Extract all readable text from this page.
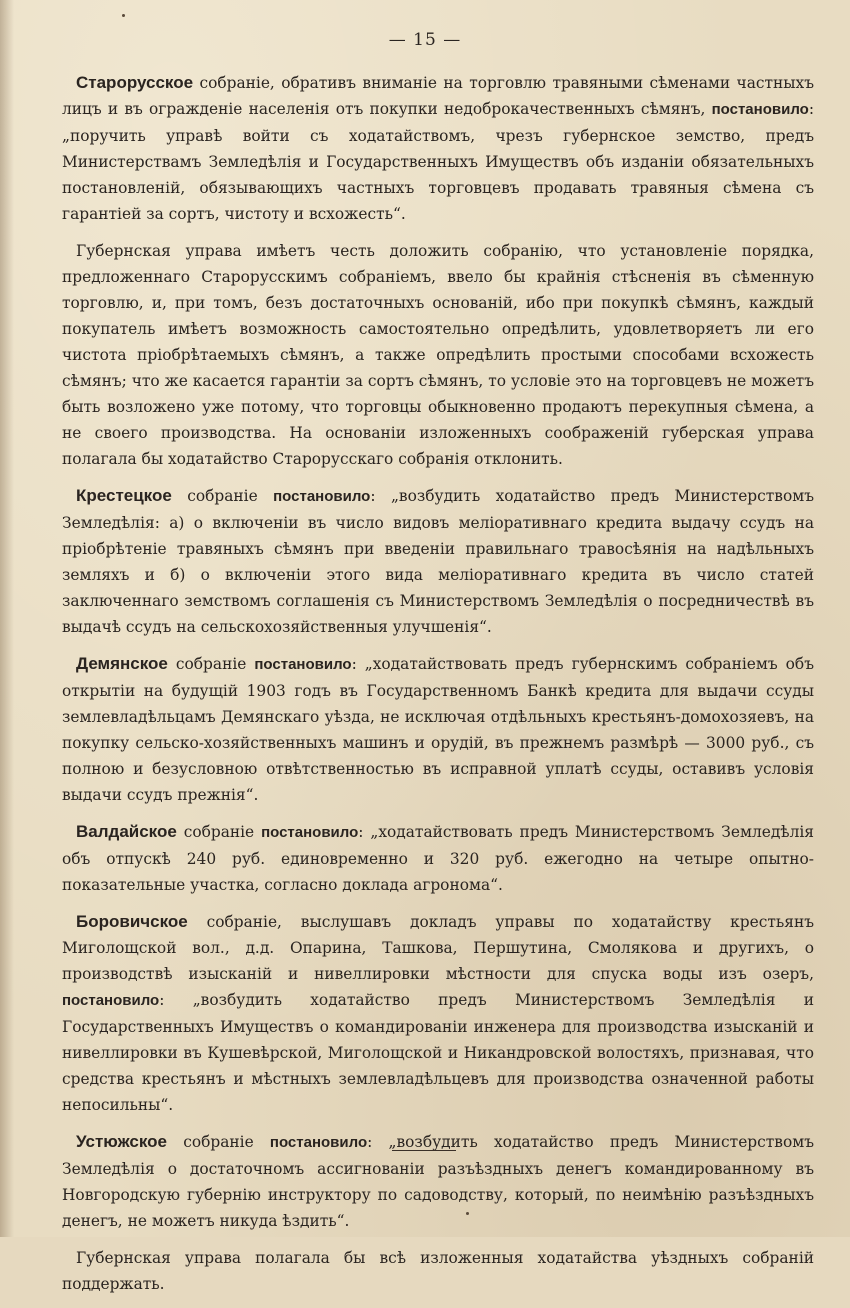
— 15 —

Старорусское собраніе, обративъ вниманіе на торговлю травяными сѣменами частныхъ лицъ и въ огражденіе населенія отъ покупки недоброкачественныхъ сѣмянъ, постановило: „поручить управѣ войти съ ходатайствомъ, чрезъ губернское земство, предъ Министерствамъ Земледѣлія и Государственныхъ Имуществъ объ изданіи обязательныхъ постановленій, обязывающихъ частныхъ торговцевъ продавать травяныя сѣмена съ гарантіей за сортъ, чистоту и всхожесть“.

Губернская управа имѣетъ честь доложить собранію, что установленіе порядка, предложеннаго Старорусскимъ собраніемъ, ввело бы крайнія стѣсненія въ сѣменную торговлю, и, при томъ, безъ достаточныхъ основаній, ибо при покупкѣ сѣмянъ, каждый покупатель имѣетъ возможность самостоятельно опредѣлить, удовлетворяетъ ли его чистота пріобрѣтаемыхъ сѣмянъ, а также опредѣлить простыми способами всхожесть сѣмянъ; что же касается гарантіи за сортъ сѣмянъ, то условіе это на торговцевъ не можетъ быть возложено уже потому, что торговцы обыкновенно продаютъ перекупныя сѣмена, а не своего производства. На основаніи изложенныхъ соображеній губерская управа полагала бы ходатайство Старорусскаго собранія отклонить.

Крестецкое собраніе постановило: „возбудить ходатайство предъ Министерствомъ Земледѣлія: а) о включеніи въ число видовъ меліоративнаго кредита выдачу ссудъ на пріобрѣтеніе травяныхъ сѣмянъ при введеніи правильнаго травосѣянія на надѣльныхъ земляхъ и б) о включеніи этого вида меліоративнаго кредита въ число статей заключеннаго земствомъ соглашенія съ Министерствомъ Земледѣлія о посредничествѣ въ выдачѣ ссудъ на сельскохозяйственныя улучшенія“.

Демянское собраніе постановило: „ходатайствовать предъ губернскимъ собраніемъ объ открытіи на будущій 1903 годъ въ Государственномъ Банкѣ кредита для выдачи ссуды землевладѣльцамъ Демянскаго уѣзда, не исключая отдѣльныхъ крестьянъ-домохозяевъ, на покупку сельско-хозяйственныхъ машинъ и орудій, въ прежнемъ размѣрѣ — 3000 руб., съ полною и безусловною отвѣтственностью въ исправной уплатѣ ссуды, оставивъ условія выдачи ссудъ прежнія“.

Валдайское собраніе постановило: „ходатайствовать предъ Министерствомъ Земледѣлія объ отпускѣ 240 руб. единовременно и 320 руб. ежегодно на четыре опытно-показательные участка, согласно доклада агронома“.

Боровичское собраніе, выслушавъ докладъ управы по ходатайству крестьянъ Миголощской вол., д.д. Опарина, Ташкова, Першутина, Смолякова и другихъ, о производствѣ изысканій и нивеллировки мѣстности для спуска воды изъ озеръ, постановило: „возбудить ходатайство предъ Министерствомъ Земледѣлія и Государственныхъ Имуществъ о командированіи инженера для производства изысканій и нивеллировки въ Кушевѣрской, Миголощской и Никандровской волостяхъ, признавая, что средства крестьянъ и мѣстныхъ землевладѣльцевъ для производства означенной работы непосильны“.

Устюжское собраніе постановило: „возбудить ходатайство предъ Министерствомъ Земледѣлія о достаточномъ ассигнованіи разъѣздныхъ денегъ командированному въ Новгородскую губернію инструктору по садоводству, который, по неимѣнію разъѣздныхъ денегъ, не можетъ никуда ѣздить“.

Губернская управа полагала бы всѣ изложенныя ходатайства уѣздныхъ собраній поддержать.
